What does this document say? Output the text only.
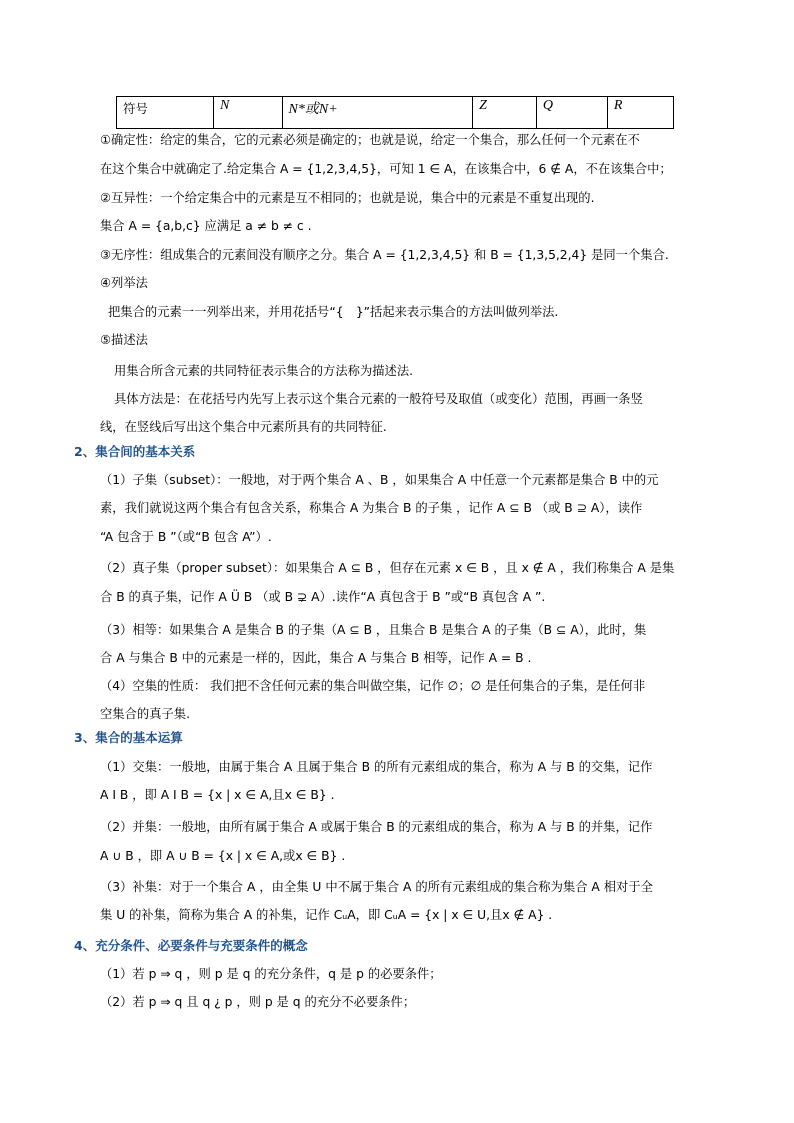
符号	N	N*或N+	Z	Q	R
①确定性：给定的集合，它的元素必须是确定的；也就是说，给定一个集合，那么任何一个元素在不
在这个集合中就确定了.给定集合 A = {1,2,3,4,5}，可知 1 ∈ A，在该集合中，6 ∉ A，不在该集合中；
②互异性：一个给定集合中的元素是互不相同的；也就是说，集合中的元素是不重复出现的.
集合 A = {a,b,c} 应满足 a ≠ b ≠ c .
③无序性：组成集合的元素间没有顺序之分。集合 A = {1,2,3,4,5} 和 B = {1,3,5,2,4} 是同一个集合.
④列举法
把集合的元素一一列举出来，并用花括号“{　}”括起来表示集合的方法叫做列举法.
⑤描述法
用集合所含元素的共同特征表示集合的方法称为描述法.
具体方法是：在花括号内先写上表示这个集合元素的一般符号及取值（或变化）范围，再画一条竖
线，在竖线后写出这个集合中元素所具有的共同特征.
2、集合间的基本关系
（1）子集（subset）：一般地，对于两个集合 A 、B ，如果集合 A 中任意一个元素都是集合 B 中的元
素，我们就说这两个集合有包含关系，称集合 A 为集合 B 的子集 ，记作 A ⊆ B （或 B ⊇ A），读作
“A 包含于 B ”（或“B 包含 A”）.
（2）真子集（proper subset）：如果集合 A ⊆ B ，但存在元素 x ∈ B ，且 x ∉ A ，我们称集合 A 是集
合 B 的真子集，记作 A Ü B （或 B ⊋ A）.读作“A 真包含于 B ”或“B 真包含 A ”.
（3）相等：如果集合 A 是集合 B 的子集（A ⊆ B ，且集合 B 是集合 A 的子集（B ⊆ A），此时，集
合 A 与集合 B 中的元素是一样的，因此，集合 A 与集合 B 相等，记作 A = B .
（4）空集的性质： 我们把不含任何元素的集合叫做空集，记作 ∅；∅ 是任何集合的子集，是任何非
空集合的真子集.
3、集合的基本运算
（1）交集：一般地，由属于集合 A 且属于集合 B 的所有元素组成的集合，称为 A 与 B 的交集，记作
A I B ，即 A I B = {x | x ∈ A,且x ∈ B} .
（2）并集：一般地，由所有属于集合 A 或属于集合 B 的元素组成的集合，称为 A 与 B 的并集，记作
A ∪ B ，即 A ∪ B = {x | x ∈ A,或x ∈ B} .
（3）补集：对于一个集合 A ，由全集 U 中不属于集合 A 的所有元素组成的集合称为集合 A 相对于全
集 U 的补集，简称为集合 A 的补集，记作 CᵤA，即 CᵤA = {x | x ∈ U,且x ∉ A} .
4、充分条件、必要条件与充要条件的概念
（1）若 p ⇒ q ，则 p 是 q 的充分条件，q 是 p 的必要条件；
（2）若 p ⇒ q 且 q ¿ p ，则 p 是 q 的充分不必要条件；
